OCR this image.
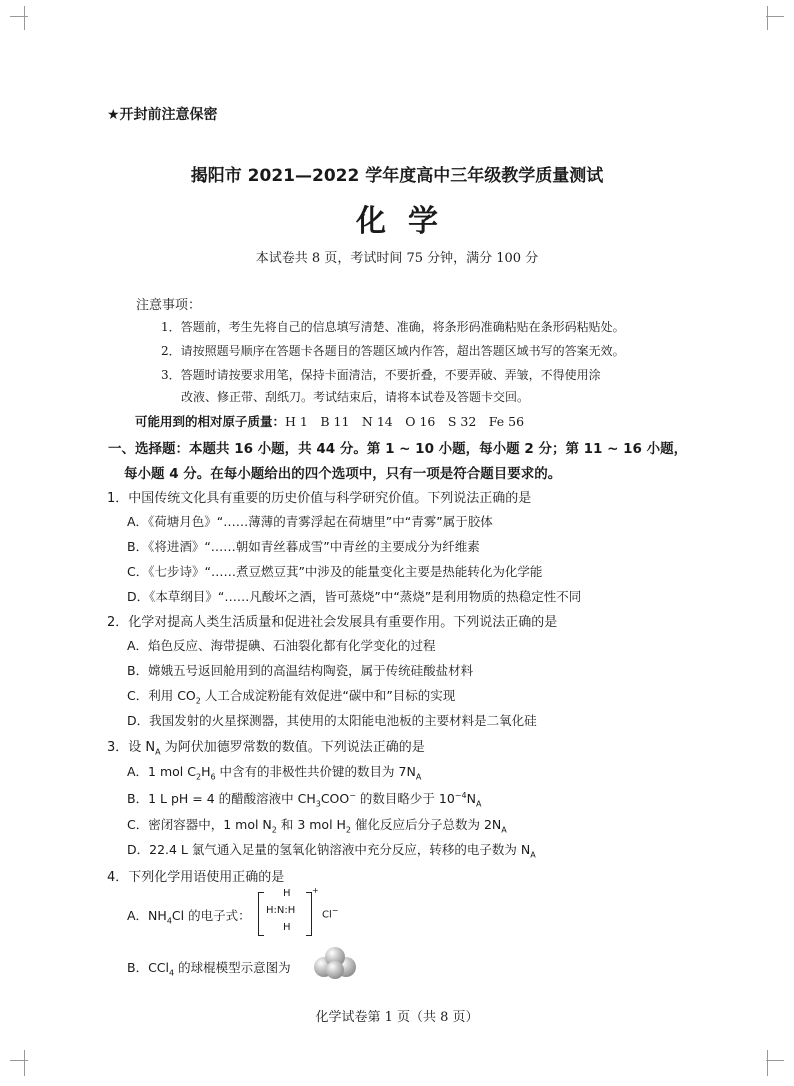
★开封前注意保密
揭阳市 2021—2022 学年度高中三年级教学质量测试
化学
本试卷共 8 页，考试时间 75 分钟，满分 100 分
注意事项：
1．答题前，考生先将自己的信息填写清楚、准确，将条形码准确粘贴在条形码粘贴处。
2．请按照题号顺序在答题卡各题目的答题区域内作答，超出答题区域书写的答案无效。
3．答题时请按要求用笔，保持卡面清洁，不要折叠，不要弄破、弄皱，不得使用涂
改液、修正带、刮纸刀。考试结束后，请将本试卷及答题卡交回。
可能用到的相对原子质量：H 1　B 11　N 14　O 16　S 32　Fe 56
一、选择题：本题共 16 小题，共 44 分。第 1 ~ 10 小题，每小题 2 分；第 11 ~ 16 小题，
每小题 4 分。在每小题给出的四个选项中，只有一项是符合题目要求的。
1．中国传统文化具有重要的历史价值与科学研究价值。下列说法正确的是
A．《荷塘月色》“……薄薄的青雾浮起在荷塘里”中“青雾”属于胶体
B．《将进酒》“……朝如青丝暮成雪”中青丝的主要成分为纤维素
C．《七步诗》“……煮豆燃豆萁”中涉及的能量变化主要是热能转化为化学能
D．《本草纲目》“……凡酸坏之酒，皆可蒸烧”中“蒸烧”是利用物质的热稳定性不同
2．化学对提高人类生活质量和促进社会发展具有重要作用。下列说法正确的是
A．焰色反应、海带提碘、石油裂化都有化学变化的过程
B．嫦娥五号返回舱用到的高温结构陶瓷，属于传统硅酸盐材料
C．利用 $CO_2$ 人工合成淀粉能有效促进“碳中和”目标的实现
D．我国发射的火星探测器，其使用的太阳能电池板的主要材料是二氧化硅
3．设 $N_A$ 为阿伏加德罗常数的数值。下列说法正确的是
A．1 mol $C_2H_6$ 中含有的非极性共价键的数目为 $7N_A$
B．1 L pH = 4 的醋酸溶液中 $CH_3COO^-$ 的数目略少于 $10^{-4}N_A$
C．密闭容器中，1 mol $N_2$ 和 3 mol $H_2$ 催化反应后分子总数为 $2N_A$
D．22.4 L 氯气通入足量的氢氧化钠溶液中充分反应，转移的电子数为 $N_A$
4．下列化学用语使用正确的是
A．$NH_4Cl$ 的电子式：
H
H:N:H
H
+
Cl−
B．CCl$_4$ 的球棍模型示意图为
化学试卷第 1 页（共 8 页）
